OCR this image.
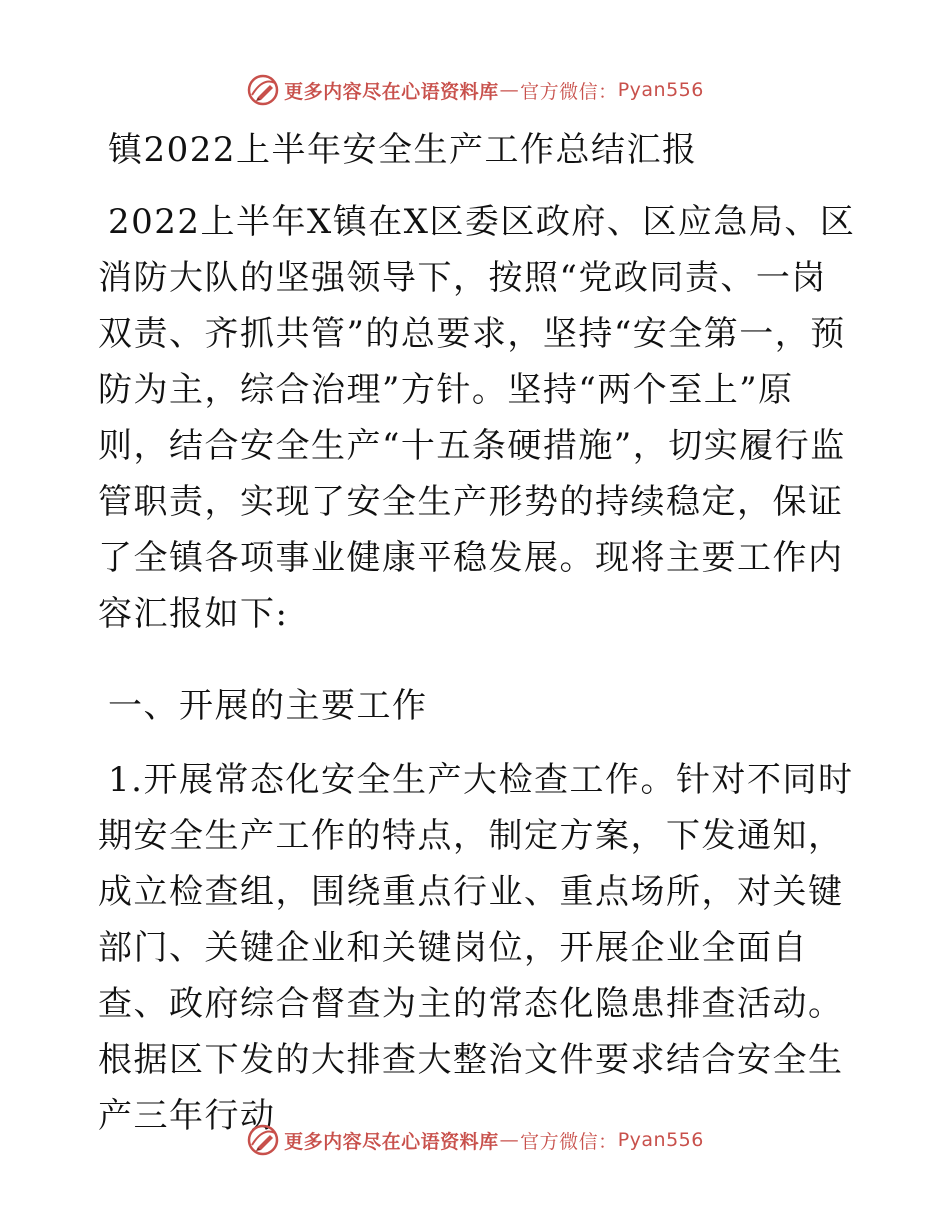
更多内容尽在心语资料库 — 官方微信： Pyan556
镇2022上半年安全生产工作总结汇报
2022上半年X镇在X区委区政府、区应急局、区消防大队的坚强领导下，按照“党政同责、一岗双责、齐抓共管”的总要求，坚持“安全第一，预防为主，综合治理”方针。坚持“两个至上”原则，结合安全生产“十五条硬措施”，切实履行监管职责，实现了安全生产形势的持续稳定，保证了全镇各项事业健康平稳发展。现将主要工作内容汇报如下:
一、开展的主要工作
1.开展常态化安全生产大检查工作。针对不同时期安全生产工作的特点，制定方案，下发通知，成立检查组，围绕重点行业、重点场所，对关键部门、关键企业和关键岗位，开展企业全面自查、政府综合督查为主的常态化隐患排查活动。根据区下发的大排查大整治文件要求结合安全生产三年行动
更多内容尽在心语资料库 — 官方微信： Pyan556
